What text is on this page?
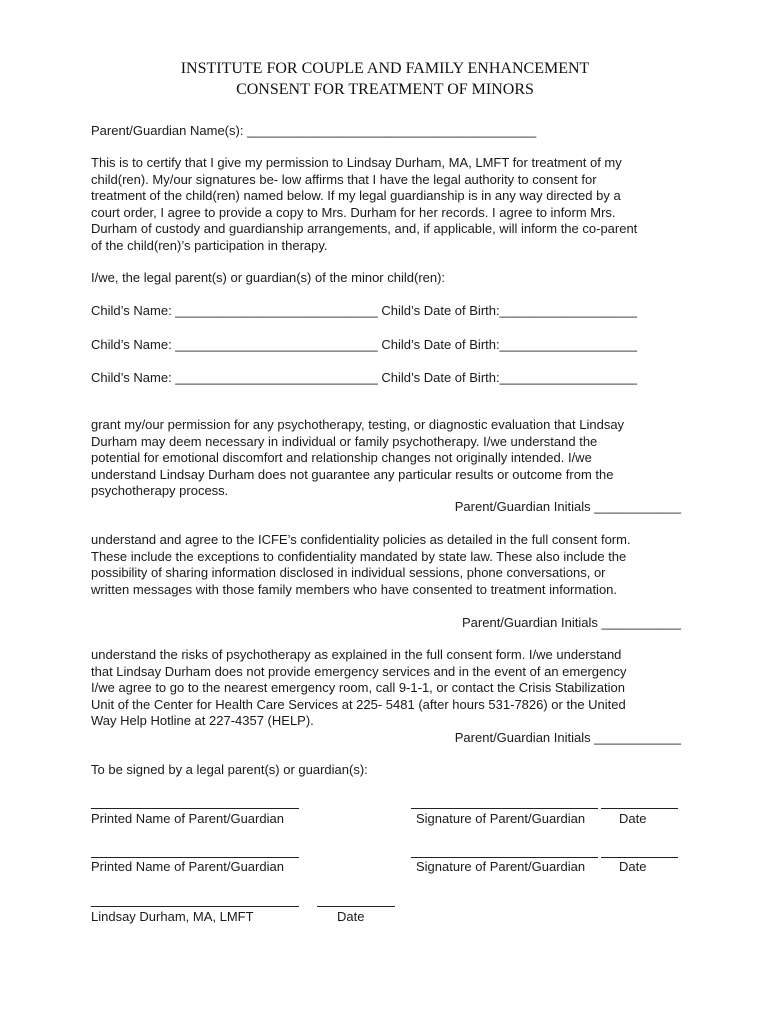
INSTITUTE FOR COUPLE AND FAMILY ENHANCEMENT
CONSENT FOR TREATMENT OF MINORS
Parent/Guardian Name(s): ________________________________________
This is to certify that I give my permission to Lindsay Durham, MA, LMFT for treatment of my
child(ren). My/our signatures be- low affirms that I have the legal authority to consent for
treatment of the child(ren) named below. If my legal guardianship is in any way directed by a
court order, I agree to provide a copy to Mrs. Durham for her records. I agree to inform Mrs.
Durham of custody and guardianship arrangements, and, if applicable, will inform the co-parent
of the child(ren)’s participation in therapy.
I/we, the legal parent(s) or guardian(s) of the minor child(ren):
Child’s Name: ____________________________ Child’s Date of Birth:___________________
Child’s Name: ____________________________ Child’s Date of Birth:___________________
Child’s Name: ____________________________ Child’s Date of Birth:___________________
grant my/our permission for any psychotherapy, testing, or diagnostic evaluation that Lindsay
Durham may deem necessary in individual or family psychotherapy. I/we understand the
potential for emotional discomfort and relationship changes not originally intended. I/we
understand Lindsay Durham does not guarantee any particular results or outcome from the
psychotherapy process.
Parent/Guardian Initials ____________
understand and agree to the ICFE’s confidentiality policies as detailed in the full consent form.
These include the exceptions to confidentiality mandated by state law. These also include the
possibility of sharing information disclosed in individual sessions, phone conversations, or
written messages with those family members who have consented to treatment information.
Parent/Guardian Initials ___________
understand the risks of psychotherapy as explained in the full consent form. I/we understand
that Lindsay Durham does not provide emergency services and in the event of an emergency
I/we agree to go to the nearest emergency room, call 9-1-1, or contact the Crisis Stabilization
Unit of the Center for Health Care Services at 225- 5481 (after hours 531-7826) or the United
Way Help Hotline at 227-4357 (HELP).
Parent/Guardian Initials ____________
To be signed by a legal parent(s) or guardian(s):
Printed Name of Parent/Guardian	Signature of Parent/Guardian	Date
Printed Name of Parent/Guardian	Signature of Parent/Guardian	Date
Lindsay Durham, MA, LMFT	Date
